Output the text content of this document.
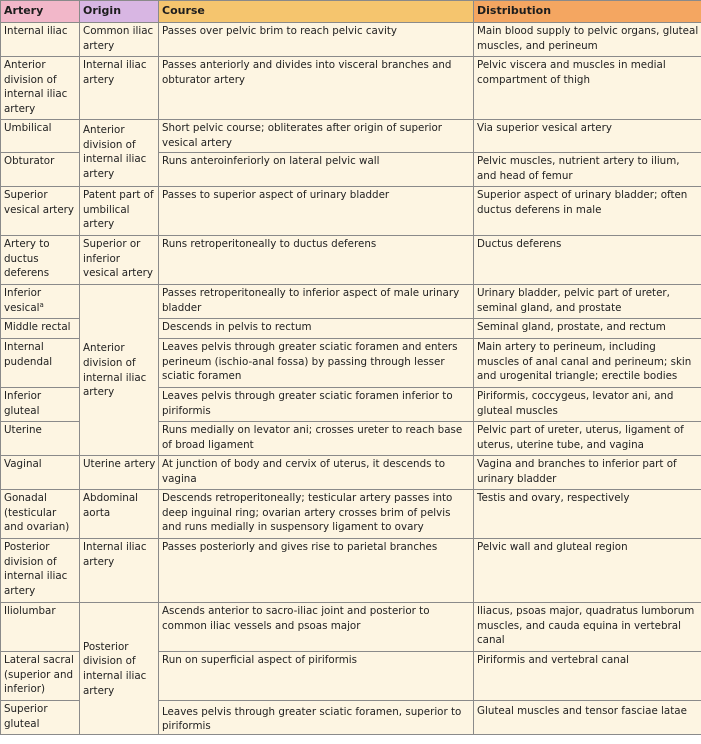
Artery	Origin	Course	Distribution
Internal iliac	Common iliac artery	Passes over pelvic brim to reach pelvic cavity	Main blood supply to pelvic organs, gluteal muscles, and perineum
Anterior division of internal iliac artery	Internal iliac artery	Passes anteriorly and divides into visceral branches and obturator artery	Pelvic viscera and muscles in medial compartment of thigh
Umbilical	Anterior division of internal iliac artery	Short pelvic course; obliterates after origin of superior vesical artery	Via superior vesical artery
Obturator		Runs anteroinferiorly on lateral pelvic wall	Pelvic muscles, nutrient artery to ilium, and head of femur
Superior vesical artery	Patent part of umbilical artery	Passes to superior aspect of urinary bladder	Superior aspect of urinary bladder; often ductus deferens in male
Artery to ductus deferens	Superior or inferior vesical artery	Runs retroperitoneally to ductus deferens	Ductus deferens
Inferior vesical$^a$	Anterior division of internal iliac artery	Passes retroperitoneally to inferior aspect of male urinary bladder	Urinary bladder, pelvic part of ureter, seminal gland, and prostate
Middle rectal		Descends in pelvis to rectum	Seminal gland, prostate, and rectum
Internal pudendal		Leaves pelvis through greater sciatic foramen and enters perineum (ischio-anal fossa) by passing through lesser sciatic foramen	Main artery to perineum, including muscles of anal canal and perineum; skin and urogenital triangle; erectile bodies
Inferior gluteal		Leaves pelvis through greater sciatic foramen inferior to piriformis	Piriformis, coccygeus, levator ani, and gluteal muscles
Uterine		Runs medially on levator ani; crosses ureter to reach base of broad ligament	Pelvic part of ureter, uterus, ligament of uterus, uterine tube, and vagina
Vaginal	Uterine artery	At junction of body and cervix of uterus, it descends to vagina	Vagina and branches to inferior part of urinary bladder
Gonadal (testicular and ovarian)	Abdominal aorta	Descends retroperitoneally; testicular artery passes into deep inguinal ring; ovarian artery crosses brim of pelvis and runs medially in suspensory ligament to ovary	Testis and ovary, respectively
Posterior division of internal iliac artery	Internal iliac artery	Passes posteriorly and gives rise to parietal branches	Pelvic wall and gluteal region
Iliolumbar	Posterior division of internal iliac artery	Ascends anterior to sacro-iliac joint and posterior to common iliac vessels and psoas major	Iliacus, psoas major, quadratus lumborum muscles, and cauda equina in vertebral canal
Lateral sacral (superior and inferior)		Run on superficial aspect of piriformis	Piriformis and vertebral canal
Superior gluteal		Leaves pelvis through greater sciatic foramen, superior to piriformis	Gluteal muscles and tensor fasciae latae
